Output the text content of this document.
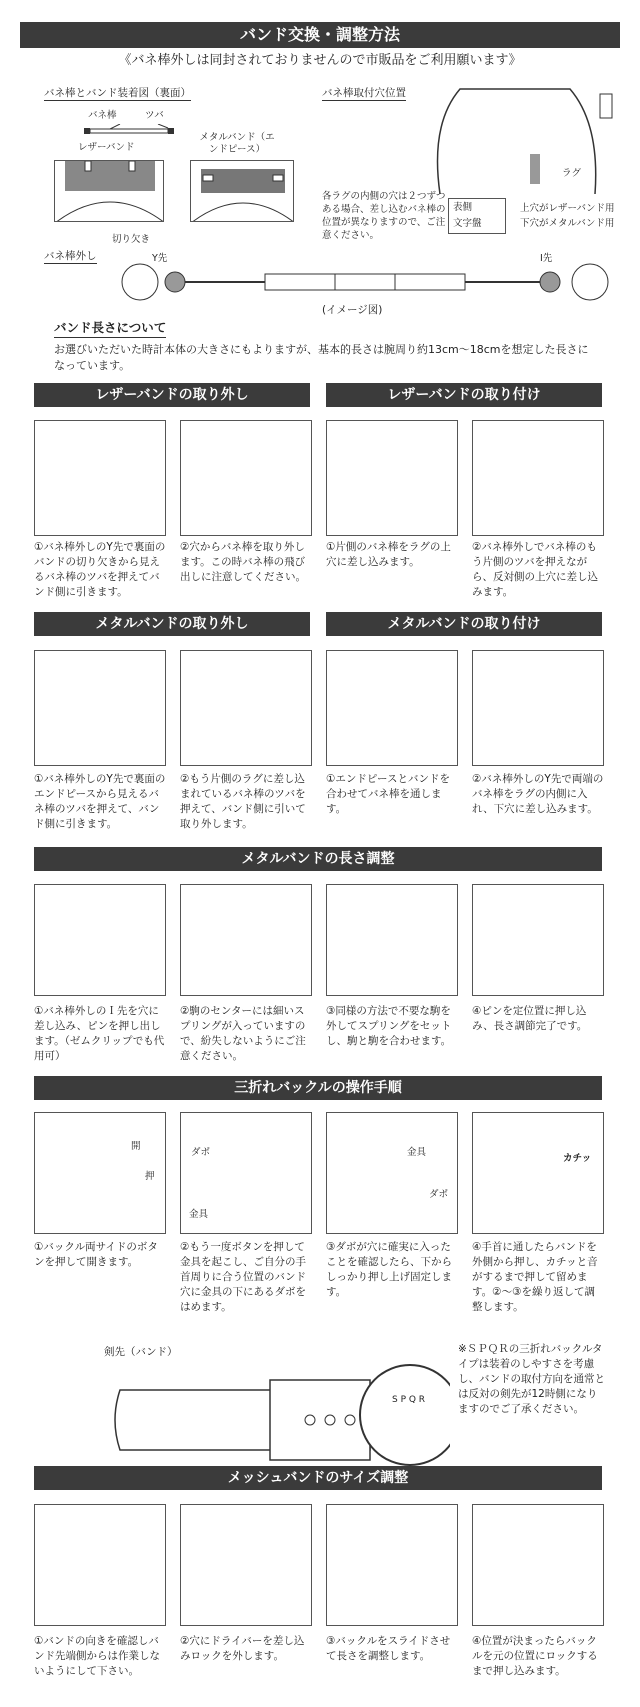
バンド交換・調整方法
《バネ棒外しは同封されておりませんので市販品をご利用願います》
バネ棒とバンド装着図（裏面）
バネ棒	ツバ
レザーバンド
メタルバンド（エンドピース）
切り欠き
バネ棒取付穴位置
ラグ
各ラグの内側の穴は２つずつある場合、差し込むバネ棒の位置が異なりますので、ご注意ください。
表側
文字盤
上穴がレザーバンド用
下穴がメタルバンド用
バネ棒外し	Y先	I先
(イメージ図)
バンド長さについて
お選びいただいた時計本体の大きさにもよりますが、基本的長さは腕周り約13cm〜18cmを想定した長さになっています。
レザーバンドの取り外し	レザーバンドの取り付け
①バネ棒外しのY先で裏面のバンドの切り欠きから見えるバネ棒のツバを押えてバンド側に引きます。
②穴からバネ棒を取り外します。この時バネ棒の飛び出しに注意してください。
①片側のバネ棒をラグの上穴に差し込みます。
②バネ棒外しでバネ棒のもう片側のツバを押えながら、反対側の上穴に差し込みます。
メタルバンドの取り外し	メタルバンドの取り付け
①バネ棒外しのY先で裏面のエンドピースから見えるバネ棒のツバを押えて、バンド側に引きます。
②もう片側のラグに差し込まれているバネ棒のツバを押えて、バンド側に引いて取り外します。
①エンドピースとバンドを合わせてバネ棒を通します。
②バネ棒外しのY先で両端のバネ棒をラグの内側に入れ、下穴に差し込みます。
メタルバンドの長さ調整
①バネ棒外しのＩ先を穴に差し込み、ピンを押し出します。（ゼムクリップでも代用可）
②駒のセンターには細いスプリングが入っていますので、紛失しないようにご注意ください。
③同様の方法で不要な駒を外してスプリングをセットし、駒と駒を合わせます。
④ピンを定位置に押し込み、長さ調節完了です。
三折れバックルの操作手順
開
押
ダボ
金具
金具
ダボ
カチッ
①バックル両サイドのボタンを押して開きます。
②もう一度ボタンを押して金具を起こし、ご自分の手首周りに合う位置のバンド穴に金具の下にあるダボをはめます。
③ダボが穴に確実に入ったことを確認したら、下からしっかり押し上げ固定します。
④手首に通したらバンドを外側から押し、カチッと音がするまで押して留めます。②〜③を繰り返して調整します。
剣先（バンド）
S P Q R
※ＳＰＱＲの三折れバックルタイプは装着のしやすさを考慮し、バンドの取付方向を通常とは反対の剣先が12時側になりますのでご了承ください。
メッシュバンドのサイズ調整
①バンドの向きを確認しバンド先端側からは作業しないようにして下さい。
②穴にドライバーを差し込みロックを外します。
③バックルをスライドさせて長さを調整します。
④位置が決まったらバックルを元の位置にロックするまで押し込みます。
